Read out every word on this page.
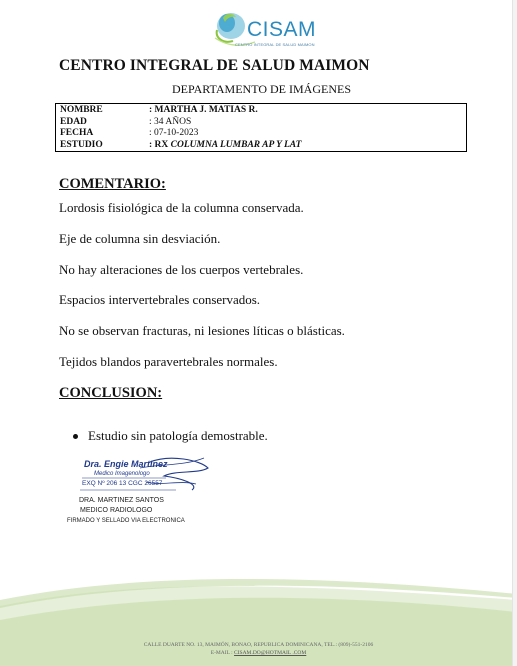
CISAM
CENTRO INTEGRAL DE SALUD MAIMON
CENTRO INTEGRAL DE SALUD MAIMON
DEPARTAMENTO DE IMÁGENES
NOMBRE	: MARTHA J. MATIAS R.
EDAD	: 34 AÑOS
FECHA	: 07-10-2023
ESTUDIO	: RX COLUMNA LUMBAR AP Y LAT
COMENTARIO:
Lordosis fisiológica de la columna conservada.
Eje de columna sin desviación.
No hay alteraciones de los cuerpos vertebrales.
Espacios intervertebrales conservados.
No se observan fracturas, ni lesiones líticas o blásticas.
Tejidos blandos paravertebrales normales.
CONCLUSION:
Estudio sin patología demostrable.
Dra. Engie Martinez
Medico Imagenologo
EXQ Nº 206 13 CGC 26557
DRA. MARTINEZ SANTOS
MEDICO RADIOLOGO
FIRMADO Y SELLADO VIA ELECTRONICA
CALLE DUARTE NO. 13, MAIMÓN, BONAO, REPUBLICA DOMINICANA, TEL.: (809)-551-2106
E-MAIL : CISAM.DO@HOTMAIL .COM
